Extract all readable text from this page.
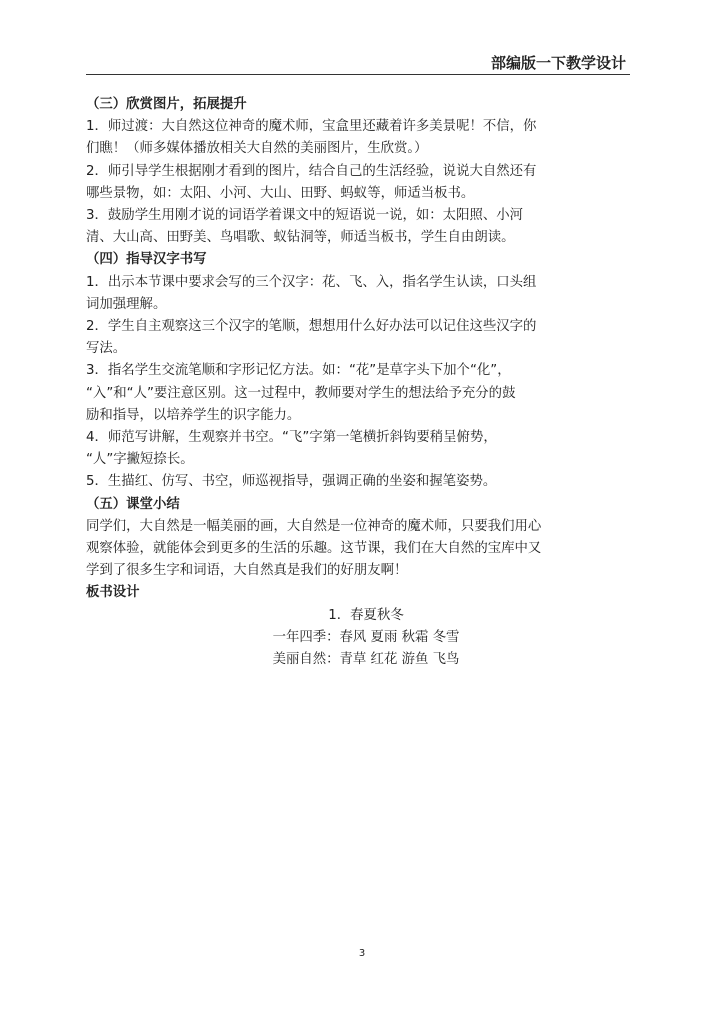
部编版一下教学设计

（三）欣赏图片，拓展提升

1．师过渡：大自然这位神奇的魔术师，宝盒里还藏着许多美景呢！不信，你

们瞧！（师多媒体播放相关大自然的美丽图片，生欣赏。）

2．师引导学生根据刚才看到的图片，结合自己的生活经验，说说大自然还有

哪些景物，如：太阳、小河、大山、田野、蚂蚁等，师适当板书。

3．鼓励学生用刚才说的词语学着课文中的短语说一说，如：太阳照、小河

清、大山高、田野美、鸟唱歌、蚁钻洞等，师适当板书，学生自由朗读。

（四）指导汉字书写

1．出示本节课中要求会写的三个汉字：花、飞、入，指名学生认读，口头组

词加强理解。

2．学生自主观察这三个汉字的笔顺，想想用什么好办法可以记住这些汉字的

写法。

3．指名学生交流笔顺和字形记忆方法。如：“花”是草字头下加个“化”，

“入”和“人”要注意区别。这一过程中，教师要对学生的想法给予充分的鼓

励和指导，以培养学生的识字能力。

4．师范写讲解，生观察并书空。“飞”字第一笔横折斜钩要稍呈俯势，

“人”字撇短捺长。

5．生描红、仿写、书空，师巡视指导，强调正确的坐姿和握笔姿势。

（五）课堂小结

同学们，大自然是一幅美丽的画，大自然是一位神奇的魔术师，只要我们用心

观察体验，就能体会到更多的生活的乐趣。这节课，我们在大自然的宝库中又

学到了很多生字和词语，大自然真是我们的好朋友啊！

板书设计

1．春夏秋冬

一年四季：春风 夏雨 秋霜 冬雪

美丽自然：青草 红花 游鱼 飞鸟

3
